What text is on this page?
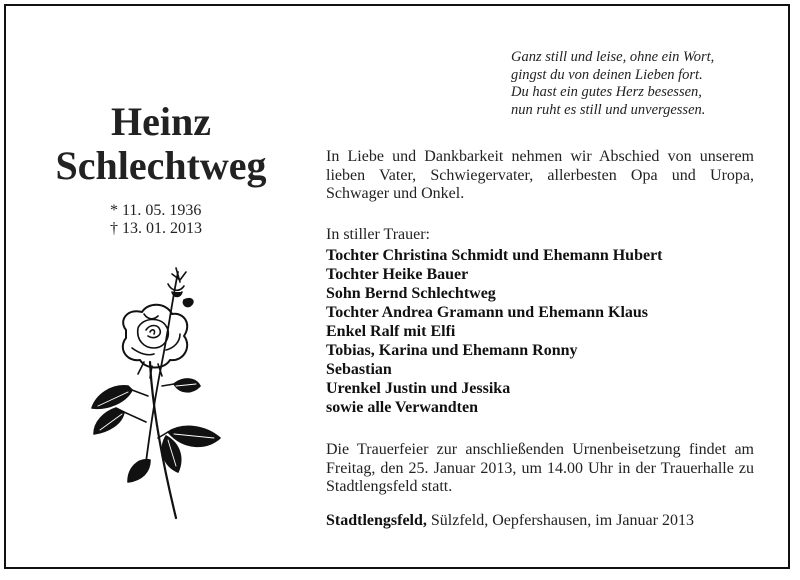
Ganz still und leise, ohne ein Wort,
gingst du von deinen Lieben fort.
Du hast ein gutes Herz besessen,
nun ruht es still und unvergessen.
Heinz
Schlechtweg
* 11. 05. 1936
† 13. 01. 2013
In Liebe und Dankbarkeit nehmen wir Abschied von unserem lieben Vater, Schwiegervater, allerbesten Opa und Uropa, Schwager und Onkel.
In stiller Trauer:
Tochter Christina Schmidt und Ehemann Hubert
Tochter Heike Bauer
Sohn Bernd Schlechtweg
Tochter Andrea Gramann und Ehemann Klaus
Enkel Ralf mit Elfi
Tobias, Karina und Ehemann Ronny
Sebastian
Urenkel Justin und Jessika
sowie alle Verwandten
Die Trauerfeier zur anschließenden Urnenbeisetzung findet am Freitag, den 25. Januar 2013, um 14.00 Uhr in der Trauerhalle zu Stadtlengsfeld statt.
Stadtlengsfeld, Sülzfeld, Oepfershausen, im Januar 2013
